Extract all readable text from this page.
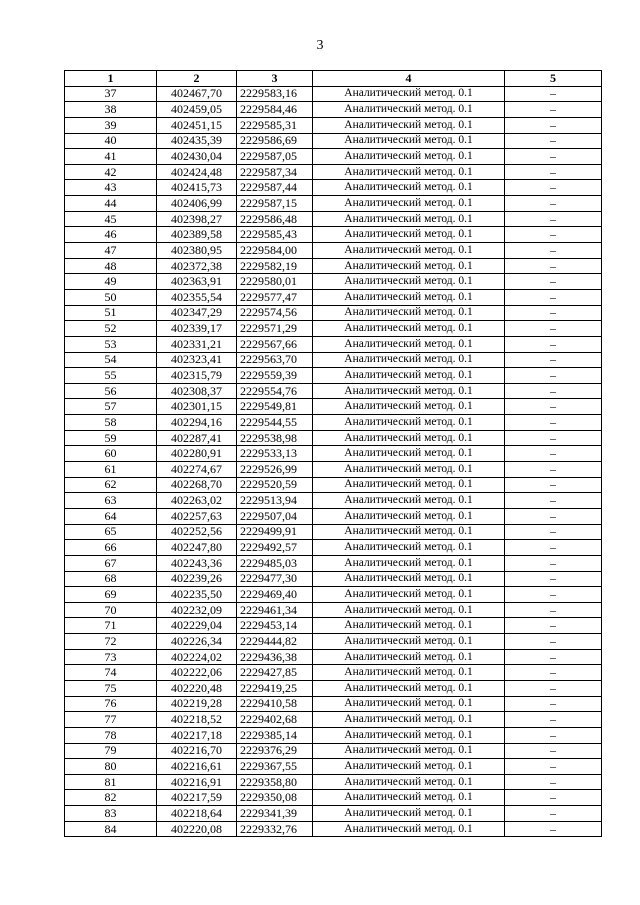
3
1	2	3	4	5
37	402467,70	2229583,16	Аналитический метод. 0.1	–
38	402459,05	2229584,46	Аналитический метод. 0.1	–
39	402451,15	2229585,31	Аналитический метод. 0.1	–
40	402435,39	2229586,69	Аналитический метод. 0.1	–
41	402430,04	2229587,05	Аналитический метод. 0.1	–
42	402424,48	2229587,34	Аналитический метод. 0.1	–
43	402415,73	2229587,44	Аналитический метод. 0.1	–
44	402406,99	2229587,15	Аналитический метод. 0.1	–
45	402398,27	2229586,48	Аналитический метод. 0.1	–
46	402389,58	2229585,43	Аналитический метод. 0.1	–
47	402380,95	2229584,00	Аналитический метод. 0.1	–
48	402372,38	2229582,19	Аналитический метод. 0.1	–
49	402363,91	2229580,01	Аналитический метод. 0.1	–
50	402355,54	2229577,47	Аналитический метод. 0.1	–
51	402347,29	2229574,56	Аналитический метод. 0.1	–
52	402339,17	2229571,29	Аналитический метод. 0.1	–
53	402331,21	2229567,66	Аналитический метод. 0.1	–
54	402323,41	2229563,70	Аналитический метод. 0.1	–
55	402315,79	2229559,39	Аналитический метод. 0.1	–
56	402308,37	2229554,76	Аналитический метод. 0.1	–
57	402301,15	2229549,81	Аналитический метод. 0.1	–
58	402294,16	2229544,55	Аналитический метод. 0.1	–
59	402287,41	2229538,98	Аналитический метод. 0.1	–
60	402280,91	2229533,13	Аналитический метод. 0.1	–
61	402274,67	2229526,99	Аналитический метод. 0.1	–
62	402268,70	2229520,59	Аналитический метод. 0.1	–
63	402263,02	2229513,94	Аналитический метод. 0.1	–
64	402257,63	2229507,04	Аналитический метод. 0.1	–
65	402252,56	2229499,91	Аналитический метод. 0.1	–
66	402247,80	2229492,57	Аналитический метод. 0.1	–
67	402243,36	2229485,03	Аналитический метод. 0.1	–
68	402239,26	2229477,30	Аналитический метод. 0.1	–
69	402235,50	2229469,40	Аналитический метод. 0.1	–
70	402232,09	2229461,34	Аналитический метод. 0.1	–
71	402229,04	2229453,14	Аналитический метод. 0.1	–
72	402226,34	2229444,82	Аналитический метод. 0.1	–
73	402224,02	2229436,38	Аналитический метод. 0.1	–
74	402222,06	2229427,85	Аналитический метод. 0.1	–
75	402220,48	2229419,25	Аналитический метод. 0.1	–
76	402219,28	2229410,58	Аналитический метод. 0.1	–
77	402218,52	2229402,68	Аналитический метод. 0.1	–
78	402217,18	2229385,14	Аналитический метод. 0.1	–
79	402216,70	2229376,29	Аналитический метод. 0.1	–
80	402216,61	2229367,55	Аналитический метод. 0.1	–
81	402216,91	2229358,80	Аналитический метод. 0.1	–
82	402217,59	2229350,08	Аналитический метод. 0.1	–
83	402218,64	2229341,39	Аналитический метод. 0.1	–
84	402220,08	2229332,76	Аналитический метод. 0.1	–
